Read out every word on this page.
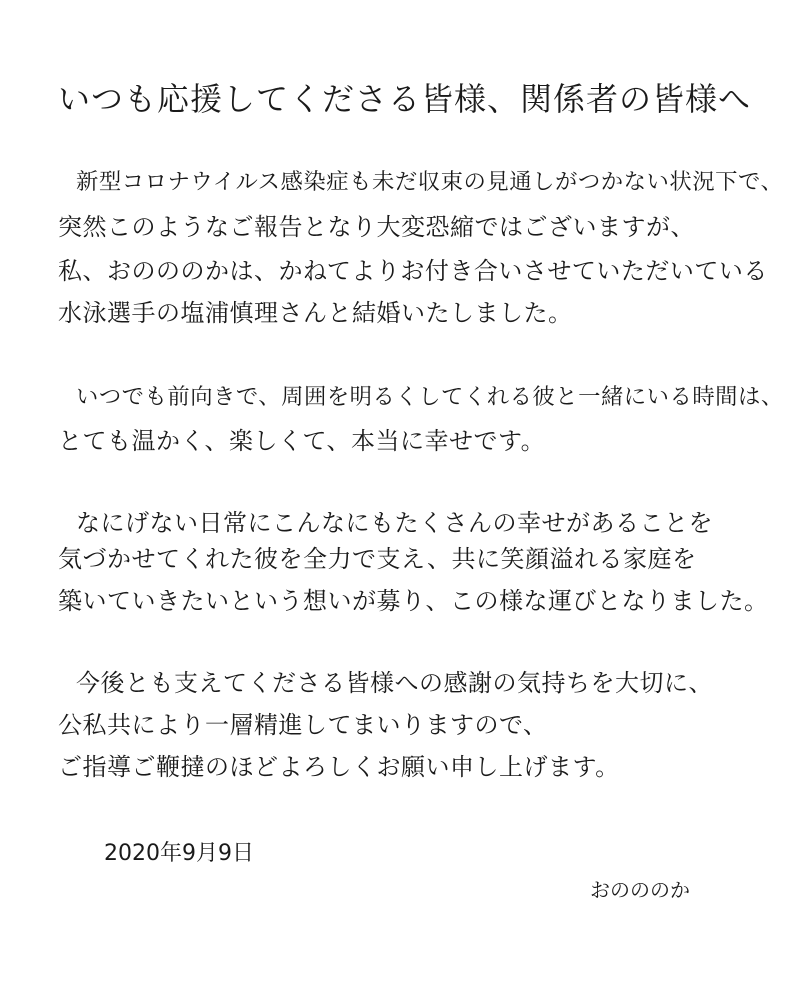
いつも応援してくださる皆様、関係者の皆様へ
新型コロナウイルス感染症も未だ収束の見通しがつかない状況下で、
突然このようなご報告となり大変恐縮ではございますが、
私、おのののかは、かねてよりお付き合いさせていただいている
水泳選手の塩浦慎理さんと結婚いたしました。
いつでも前向きで、周囲を明るくしてくれる彼と一緒にいる時間は、
とても温かく、楽しくて、本当に幸せです。
なにげない日常にこんなにもたくさんの幸せがあることを
気づかせてくれた彼を全力で支え、共に笑顔溢れる家庭を
築いていきたいという想いが募り、この様な運びとなりました。
今後とも支えてくださる皆様への感謝の気持ちを大切に、
公私共により一層精進してまいりますので、
ご指導ご鞭撻のほどよろしくお願い申し上げます。
2020年9月9日
おのののか
